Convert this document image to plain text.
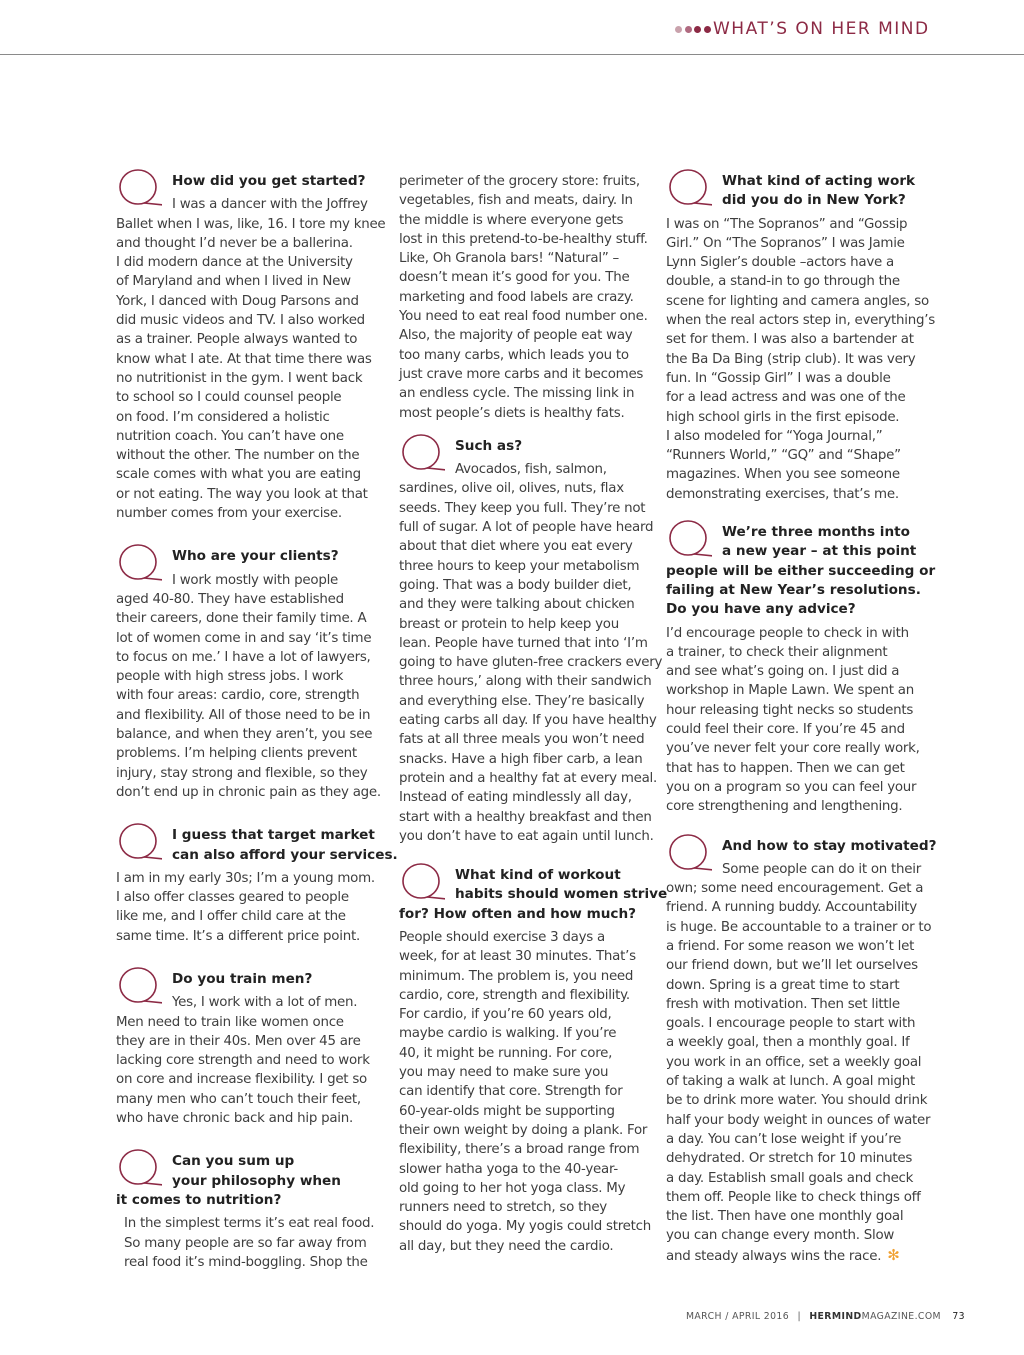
WHAT’S ON HER MIND
How did you get started?
I was a dancer with the Joffrey
Ballet when I was, like, 16. I tore my knee
and thought I’d never be a ballerina.
I did modern dance at the University
of Maryland and when I lived in New
York, I danced with Doug Parsons and
did music videos and TV. I also worked
as a trainer. People always wanted to
know what I ate. At that time there was
no nutritionist in the gym. I went back
to school so I could counsel people
on food. I’m considered a holistic
nutrition coach. You can’t have one
without the other. The number on the
scale comes with what you are eating
or not eating. The way you look at that
number comes from your exercise.
Who are your clients?
I work mostly with people
aged 40-80. They have established
their careers, done their family time. A
lot of women come in and say ‘it’s time
to focus on me.’ I have a lot of lawyers,
people with high stress jobs. I work
with four areas: cardio, core, strength
and flexibility. All of those need to be in
balance, and when they aren’t, you see
problems. I’m helping clients prevent
injury, stay strong and flexible, so they
don’t end up in chronic pain as they age.
I guess that target market
can also afford your services.
I am in my early 30s; I’m a young mom.
I also offer classes geared to people
like me, and I offer child care at the
same time. It’s a different price point.
Do you train men?
Yes, I work with a lot of men.
Men need to train like women once
they are in their 40s. Men over 45 are
lacking core strength and need to work
on core and increase flexibility. I get so
many men who can’t touch their feet,
who have chronic back and hip pain.
Can you sum up
your philosophy when
it comes to nutrition?
In the simplest terms it’s eat real food.
So many people are so far away from
real food it’s mind-boggling. Shop the
perimeter of the grocery store: fruits,
vegetables, fish and meats, dairy. In
the middle is where everyone gets
lost in this pretend-to-be-healthy stuff.
Like, Oh Granola bars! “Natural” –
doesn’t mean it’s good for you. The
marketing and food labels are crazy.
You need to eat real food number one.
Also, the majority of people eat way
too many carbs, which leads you to
just crave more carbs and it becomes
an endless cycle. The missing link in
most people’s diets is healthy fats.
Such as?
Avocados, fish, salmon,
sardines, olive oil, olives, nuts, flax
seeds. They keep you full. They’re not
full of sugar. A lot of people have heard
about that diet where you eat every
three hours to keep your metabolism
going. That was a body builder diet,
and they were talking about chicken
breast or protein to help keep you
lean. People have turned that into ‘I’m
going to have gluten-free crackers every
three hours,’ along with their sandwich
and everything else. They’re basically
eating carbs all day. If you have healthy
fats at all three meals you won’t need
snacks. Have a high fiber carb, a lean
protein and a healthy fat at every meal.
Instead of eating mindlessly all day,
start with a healthy breakfast and then
you don’t have to eat again until lunch.
What kind of workout
habits should women strive
for? How often and how much?
People should exercise 3 days a
week, for at least 30 minutes. That’s
minimum. The problem is, you need
cardio, core, strength and flexibility.
For cardio, if you’re 60 years old,
maybe cardio is walking. If you’re
40, it might be running. For core,
you may need to make sure you
can identify that core. Strength for
60-year-olds might be supporting
their own weight by doing a plank. For
flexibility, there’s a broad range from
slower hatha yoga to the 40-year-
old going to her hot yoga class. My
runners need to stretch, so they
should do yoga. My yogis could stretch
all day, but they need the cardio.
What kind of acting work
did you do in New York?
I was on “The Sopranos” and “Gossip
Girl.” On “The Sopranos” I was Jamie
Lynn Sigler’s double –actors have a
double, a stand-in to go through the
scene for lighting and camera angles, so
when the real actors step in, everything’s
set for them. I was also a bartender at
the Ba Da Bing (strip club). It was very
fun. In “Gossip Girl” I was a double
for a lead actress and was one of the
high school girls in the first episode.
I also modeled for “Yoga Journal,”
“Runners World,” “GQ” and “Shape”
magazines. When you see someone
demonstrating exercises, that’s me.
We’re three months into
a new year – at this point
people will be either succeeding or
failing at New Year’s resolutions.
Do you have any advice?
I’d encourage people to check in with
a trainer, to check their alignment
and see what’s going on. I just did a
workshop in Maple Lawn. We spent an
hour releasing tight necks so students
could feel their core. If you’re 45 and
you’ve never felt your core really work,
that has to happen. Then we can get
you on a program so you can feel your
core strengthening and lengthening.
And how to stay motivated?
Some people can do it on their
own; some need encouragement. Get a
friend. A running buddy. Accountability
is huge. Be accountable to a trainer or to
a friend. For some reason we won’t let
our friend down, but we’ll let ourselves
down. Spring is a great time to start
fresh with motivation. Then set little
goals. I encourage people to start with
a weekly goal, then a monthly goal. If
you work in an office, set a weekly goal
of taking a walk at lunch. A goal might
be to drink more water. You should drink
half your body weight in ounces of water
a day. You can’t lose weight if you’re
dehydrated. Or stretch for 10 minutes
a day. Establish small goals and check
them off. People like to check things off
the list. Then have one monthly goal
you can change every month. Slow
and steady always wins the race. ✻
MARCH / APRIL 2016 | HERMINDMAGAZINE.COM 73
